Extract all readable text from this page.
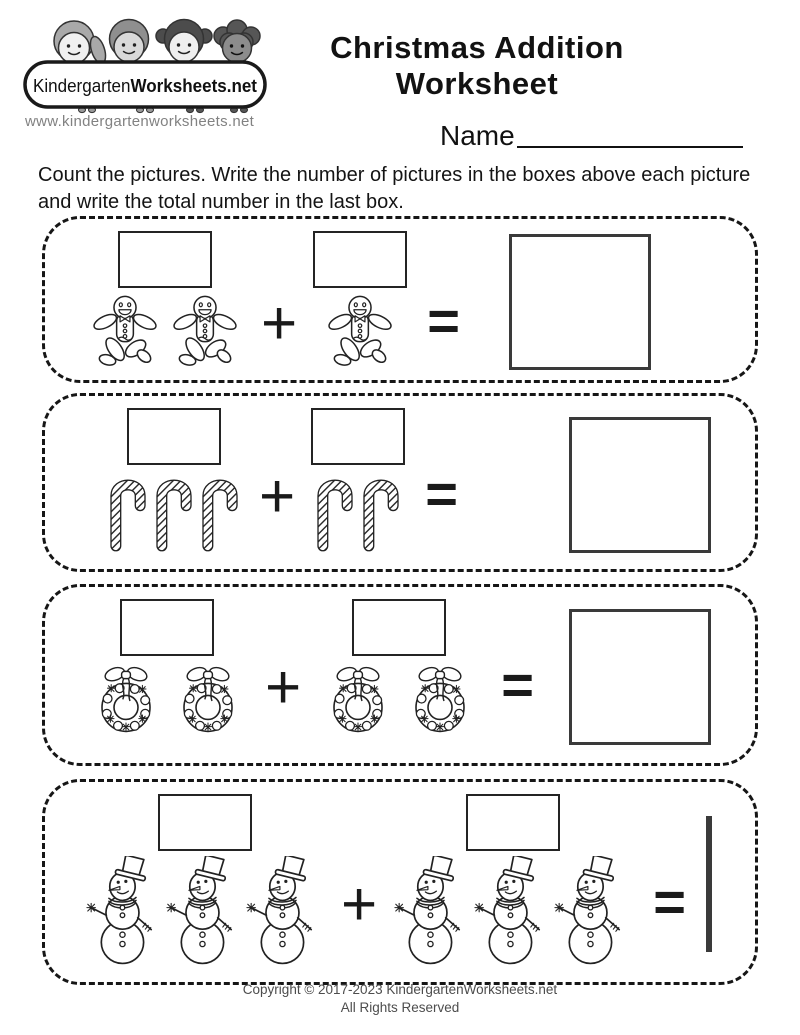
KindergartenWorksheets.net
www.kindergartenworksheets.net
Christmas Addition Worksheet
Name
Count the pictures. Write the number of pictures in the boxes above each picture and write the total number in the last box.
+ =
+ =
+	=
+	=
Copyright © 2017-2023 KindergartenWorksheets.net
All Rights Reserved
